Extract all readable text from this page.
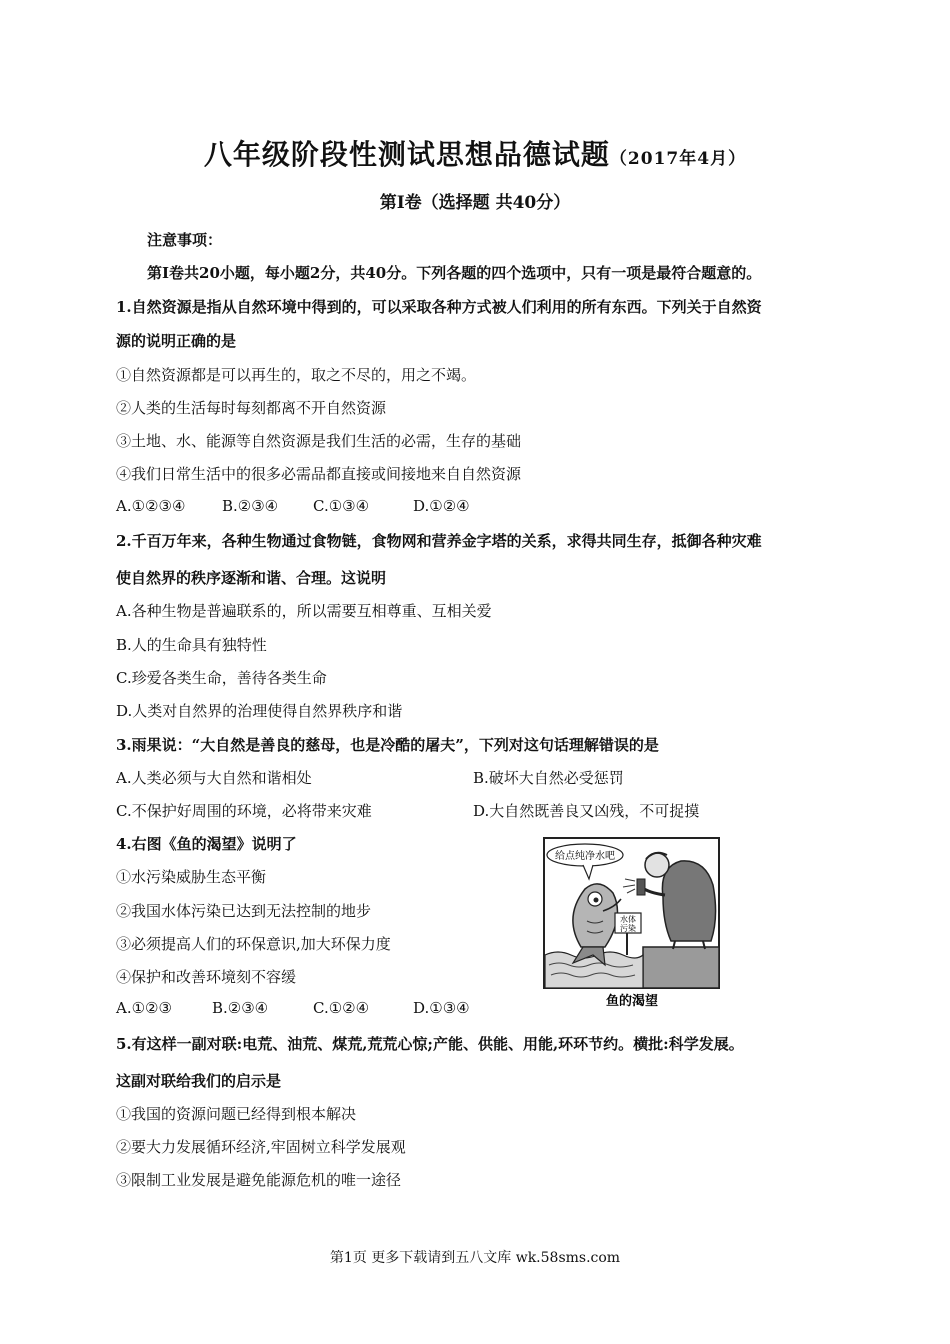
八年级阶段性测试思想品德试题（2017年4月）
第Ⅰ卷（选择题 共40分）
注意事项：
第Ⅰ卷共20小题，每小题2分，共40分。下列各题的四个选项中，只有一项是最符合题意的。
1.自然资源是指从自然环境中得到的，可以采取各种方式被人们利用的所有东西。下列关于自然资
源的说明正确的是
①自然资源都是可以再生的，取之不尽的，用之不竭。
②人类的生活每时每刻都离不开自然资源
③土地、水、能源等自然资源是我们生活的必需，生存的基础
④我们日常生活中的很多必需品都直接或间接地来自自然资源
A.①②③④ B.②③④ C.①③④	D.①②④
2.千百万年来，各种生物通过食物链，食物网和营养金字塔的关系，求得共同生存，抵御各种灾难
使自然界的秩序逐渐和谐、合理。这说明
A.各种生物是普遍联系的，所以需要互相尊重、互相关爱
B.人的生命具有独特性
C.珍爱各类生命，善待各类生命
D.人类对自然界的治理使得自然界秩序和谐
3.雨果说：“大自然是善良的慈母，也是冷酷的屠夫”，下列对这句话理解错误的是
A.人类必须与大自然和谐相处	B.破坏大自然必受惩罚
C.不保护好周围的环境，必将带来灾难	D.大自然既善良又凶残，不可捉摸
4.右图《鱼的渴望》说明了
①水污染威胁生态平衡
②我国水体污染已达到无法控制的地步
③必须提高人们的环保意识,加大环保力度
④保护和改善环境刻不容缓
A.①②③	B.②③④	C.①②④	D.①③④
给点纯净水吧
水体
污染
鱼的渴望
5.有这样一副对联:电荒、油荒、煤荒,荒荒心惊;产能、供能、用能,环环节约。横批:科学发展。
这副对联给我们的启示是
①我国的资源问题已经得到根本解决
②要大力发展循环经济,牢固树立科学发展观
③限制工业发展是避免能源危机的唯一途径
第1页 更多下载请到五八文库 wk.58sms.com
